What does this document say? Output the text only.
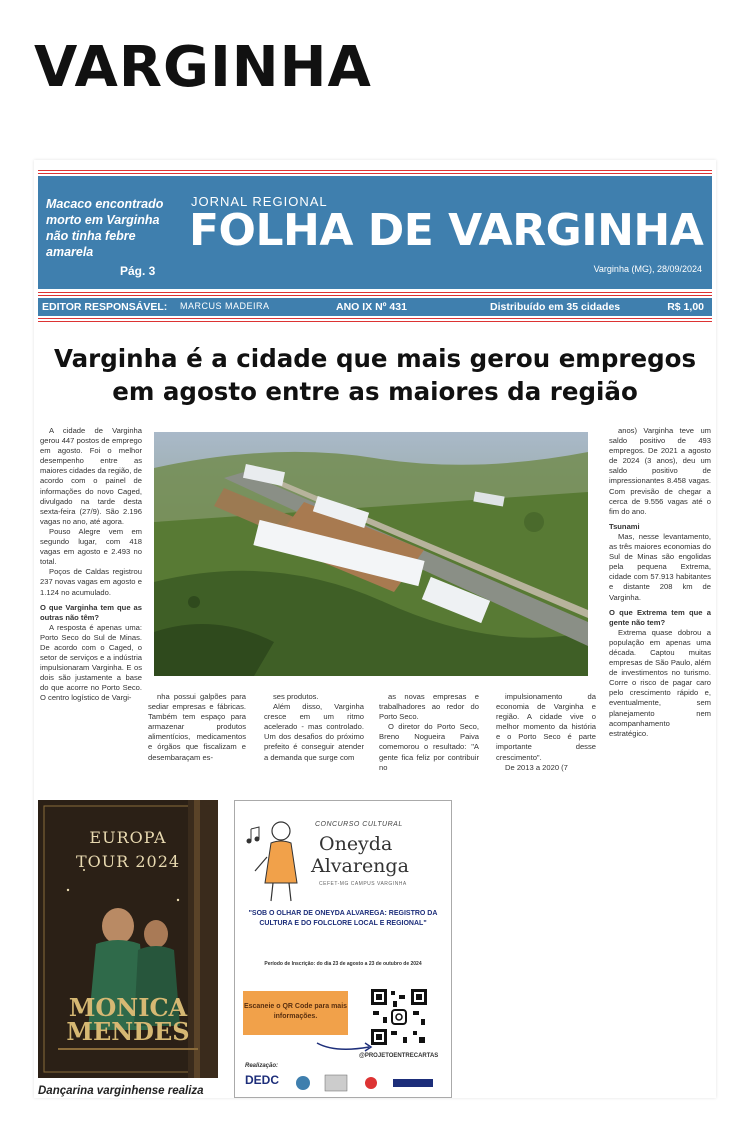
VARGINHA
Macaco encontrado morto em Varginha não tinha febre amarela
Pág. 3
JORNAL REGIONAL
FOLHA DE VARGINHA
Varginha (MG), 28/09/2024
EDITOR RESPONSÁVEL: MARCUS MADEIRA	ANO IX Nº 431	Distribuído em 35 cidades	R$ 1,00
Varginha é a cidade que mais gerou empregos
em agosto entre as maiores da região

A cidade de Varginha gerou 447 postos de emprego em agosto. Foi o melhor desempenho entre as maiores cidades da região, de acordo com o painel de informações do novo Caged, divulgado na tarde desta sexta-feira (27/9). São 2.196 vagas no ano, até agora.

Pouso Alegre vem em segundo lugar, com 418 vagas em agosto e 2.493 no total.

Poços de Caldas registrou 237 novas vagas em agosto e 1.124 no acumulado.

O que Varginha tem que as outras não têm?

A resposta é apenas uma: Porto Seco do Sul de Minas. De acordo com o Caged, o setor de serviços e a indústria impulsionaram Varginha. E os dois são justamente a base do que acorre no Porto Seco. O centro logístico de Vargi-	nha possui galpões para sediar empresas e fábricas. Também tem espaço para armazenar produtos alimentícios, medicamentos e órgãos que fiscalizam e desembaraçam es-

ses produtos.

Além disso, Varginha cresce em um ritmo acelerado - mas controlado. Um dos desafios do próximo prefeito é conseguir atender a demanda que surge com

as novas empresas e trabalhadores ao redor do Porto Seco.

O diretor do Porto Seco, Breno Nogueira Paiva comemorou o resultado: "A gente fica feliz por contribuir no

impulsionamento da economia de Varginha e região. A cidade vive o melhor momento da história e o Porto Seco é parte importante desse crescimento".

De 2013 a 2020 (7

anos) Varginha teve um saldo positivo de 493 empregos. De 2021 a agosto de 2024 (3 anos), deu um saldo positivo de impressionantes 8.458 vagas. Com previsão de chegar a cerca de 9.556 vagas até o fim do ano.

Tsunami

Mas, nesse levantamento, as três maiores economias do Sul de Minas são engolidas pela pequena Extrema, cidade com 57.913 habitantes e distante 208 km de Varginha.

O que Extrema tem que a gente não tem?

Extrema quase dobrou a população em apenas uma década. Captou muitas empresas de São Paulo, além de investimentos no turismo. Corre o risco de pagar caro pelo crescimento rápido e, eventualmente, sem planejamento nem acompanhamento estratégico.

EUROPA
TOUR 2024
MONICA
MENDES
Dançarina varginhense realiza
CONCURSO CULTURAL
Oneyda
Alvarenga
CEFET-MG CAMPUS VARGINHA
"SOB O OLHAR DE ONEYDA ALVAREGA: REGISTRO DA CULTURA E DO FOLCLORE LOCAL E REGIONAL"
Período de Inscrição: do dia 23 de agosto a 23 de outubro de 2024
Escaneie o QR Code para mais informações.
@PROJETOENTRECARTAS
Realização:
DEDC
